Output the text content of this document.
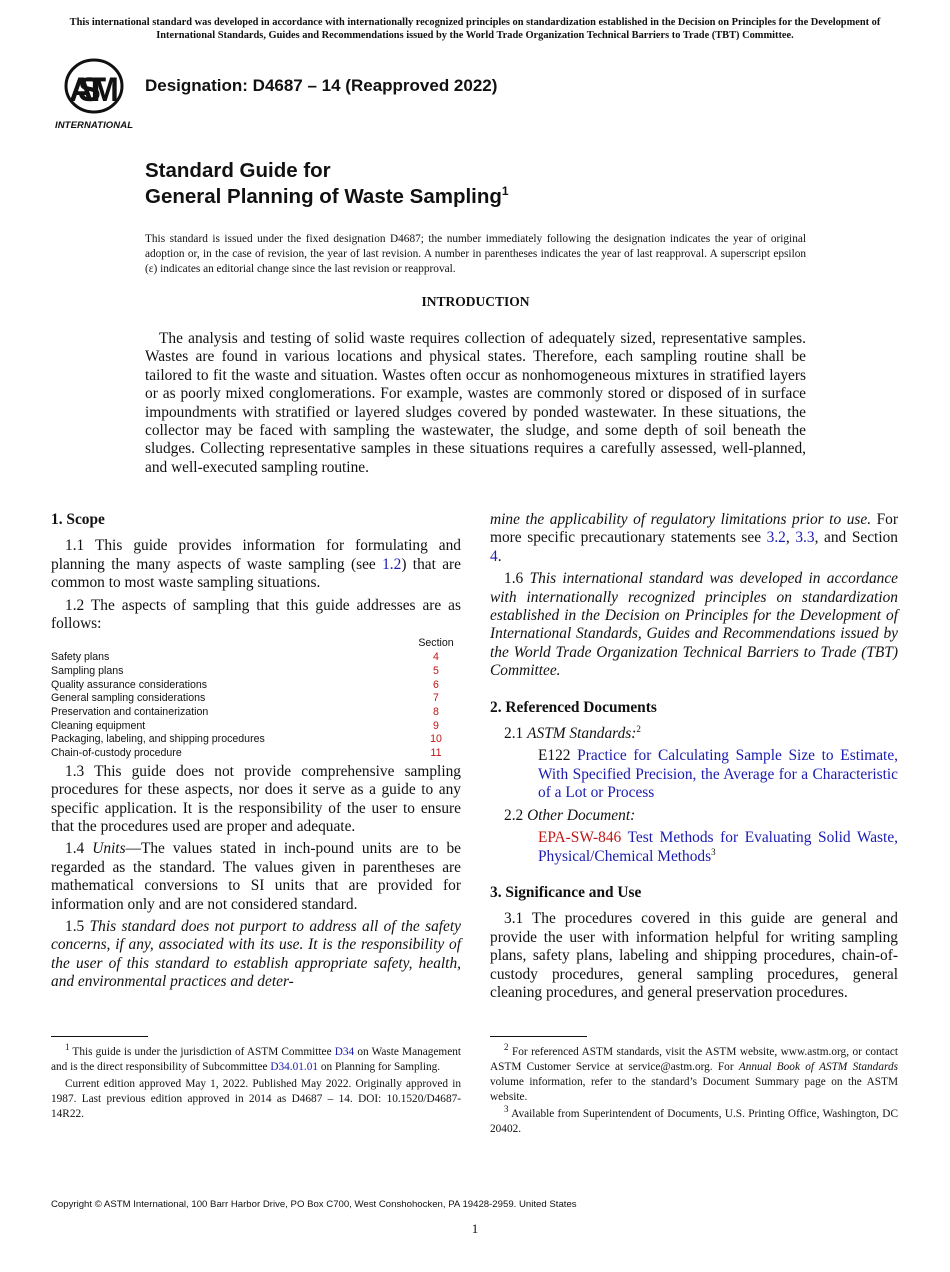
This international standard was developed in accordance with internationally recognized principles on standardization established in the Decision on Principles for the Development of International Standards, Guides and Recommendations issued by the World Trade Organization Technical Barriers to Trade (TBT) Committee.
ASTM
INTERNATIONAL
Designation: D4687 – 14 (Reapproved 2022)
Standard Guide for
General Planning of Waste Sampling$^1$
This standard is issued under the fixed designation D4687; the number immediately following the designation indicates the year of original adoption or, in the case of revision, the year of last revision. A number in parentheses indicates the year of last reapproval. A superscript epsilon (ε) indicates an editorial change since the last revision or reapproval.
INTRODUCTION
The analysis and testing of solid waste requires collection of adequately sized, representative samples. Wastes are found in various locations and physical states. Therefore, each sampling routine shall be tailored to fit the waste and situation. Wastes often occur as nonhomogeneous mixtures in stratified layers or as poorly mixed conglomerations. For example, wastes are commonly stored or disposed of in surface impoundments with stratified or layered sludges covered by ponded wastewater. In these situations, the collector may be faced with sampling the wastewater, the sludge, and some depth of soil beneath the sludges. Collecting representative samples in these situations requires a carefully assessed, well-planned, and well-executed sampling routine.
1. Scope

1.1 This guide provides information for formulating and planning the many aspects of waste sampling (see 1.2) that are common to most waste sampling situations.

1.2 The aspects of sampling that this guide addresses are as follows:

	Section
Safety plans	4
Sampling plans	5
Quality assurance considerations	6
General sampling considerations	7
Preservation and containerization	8
Cleaning equipment	9
Packaging, labeling, and shipping procedures	10
Chain-of-custody procedure	11

1.3 This guide does not provide comprehensive sampling procedures for these aspects, nor does it serve as a guide to any specific application. It is the responsibility of the user to ensure that the procedures used are proper and adequate.

1.4 Units—The values stated in inch-pound units are to be regarded as the standard. The values given in parentheses are mathematical conversions to SI units that are provided for information only and are not considered standard.

1.5 This standard does not purport to address all of the safety concerns, if any, associated with its use. It is the responsibility of the user of this standard to establish appropriate safety, health, and environmental practices and deter-

mine the applicability of regulatory limitations prior to use. For more specific precautionary statements see 3.2, 3.3, and Section 4.

1.6 This international standard was developed in accordance with internationally recognized principles on standardization established in the Decision on Principles for the Development of International Standards, Guides and Recommendations issued by the World Trade Organization Technical Barriers to Trade (TBT) Committee.

2. Referenced Documents

2.1 ASTM Standards:$^2$

E122 Practice for Calculating Sample Size to Estimate, With Specified Precision, the Average for a Characteristic of a Lot or Process

2.2 Other Document:

EPA-SW-846 Test Methods for Evaluating Solid Waste, Physical/Chemical Methods$^3$

3. Significance and Use

3.1 The procedures covered in this guide are general and provide the user with information helpful for writing sampling plans, safety plans, labeling and shipping procedures, chain-of-custody procedures, general sampling procedures, general cleaning procedures, and general preservation procedures.

$^1$ This guide is under the jurisdiction of ASTM Committee D34 on Waste Management and is the direct responsibility of Subcommittee D34.01.01 on Planning for Sampling.

Current edition approved May 1, 2022. Published May 2022. Originally approved in 1987. Last previous edition approved in 2014 as D4687 – 14. DOI: 10.1520/D4687-14R22.

$^2$ For referenced ASTM standards, visit the ASTM website, www.astm.org, or contact ASTM Customer Service at service@astm.org. For Annual Book of ASTM Standards volume information, refer to the standard’s Document Summary page on the ASTM website.

$^3$ Available from Superintendent of Documents, U.S. Printing Office, Washington, DC 20402.

Copyright © ASTM International, 100 Barr Harbor Drive, PO Box C700, West Conshohocken, PA 19428-2959. United States
1
